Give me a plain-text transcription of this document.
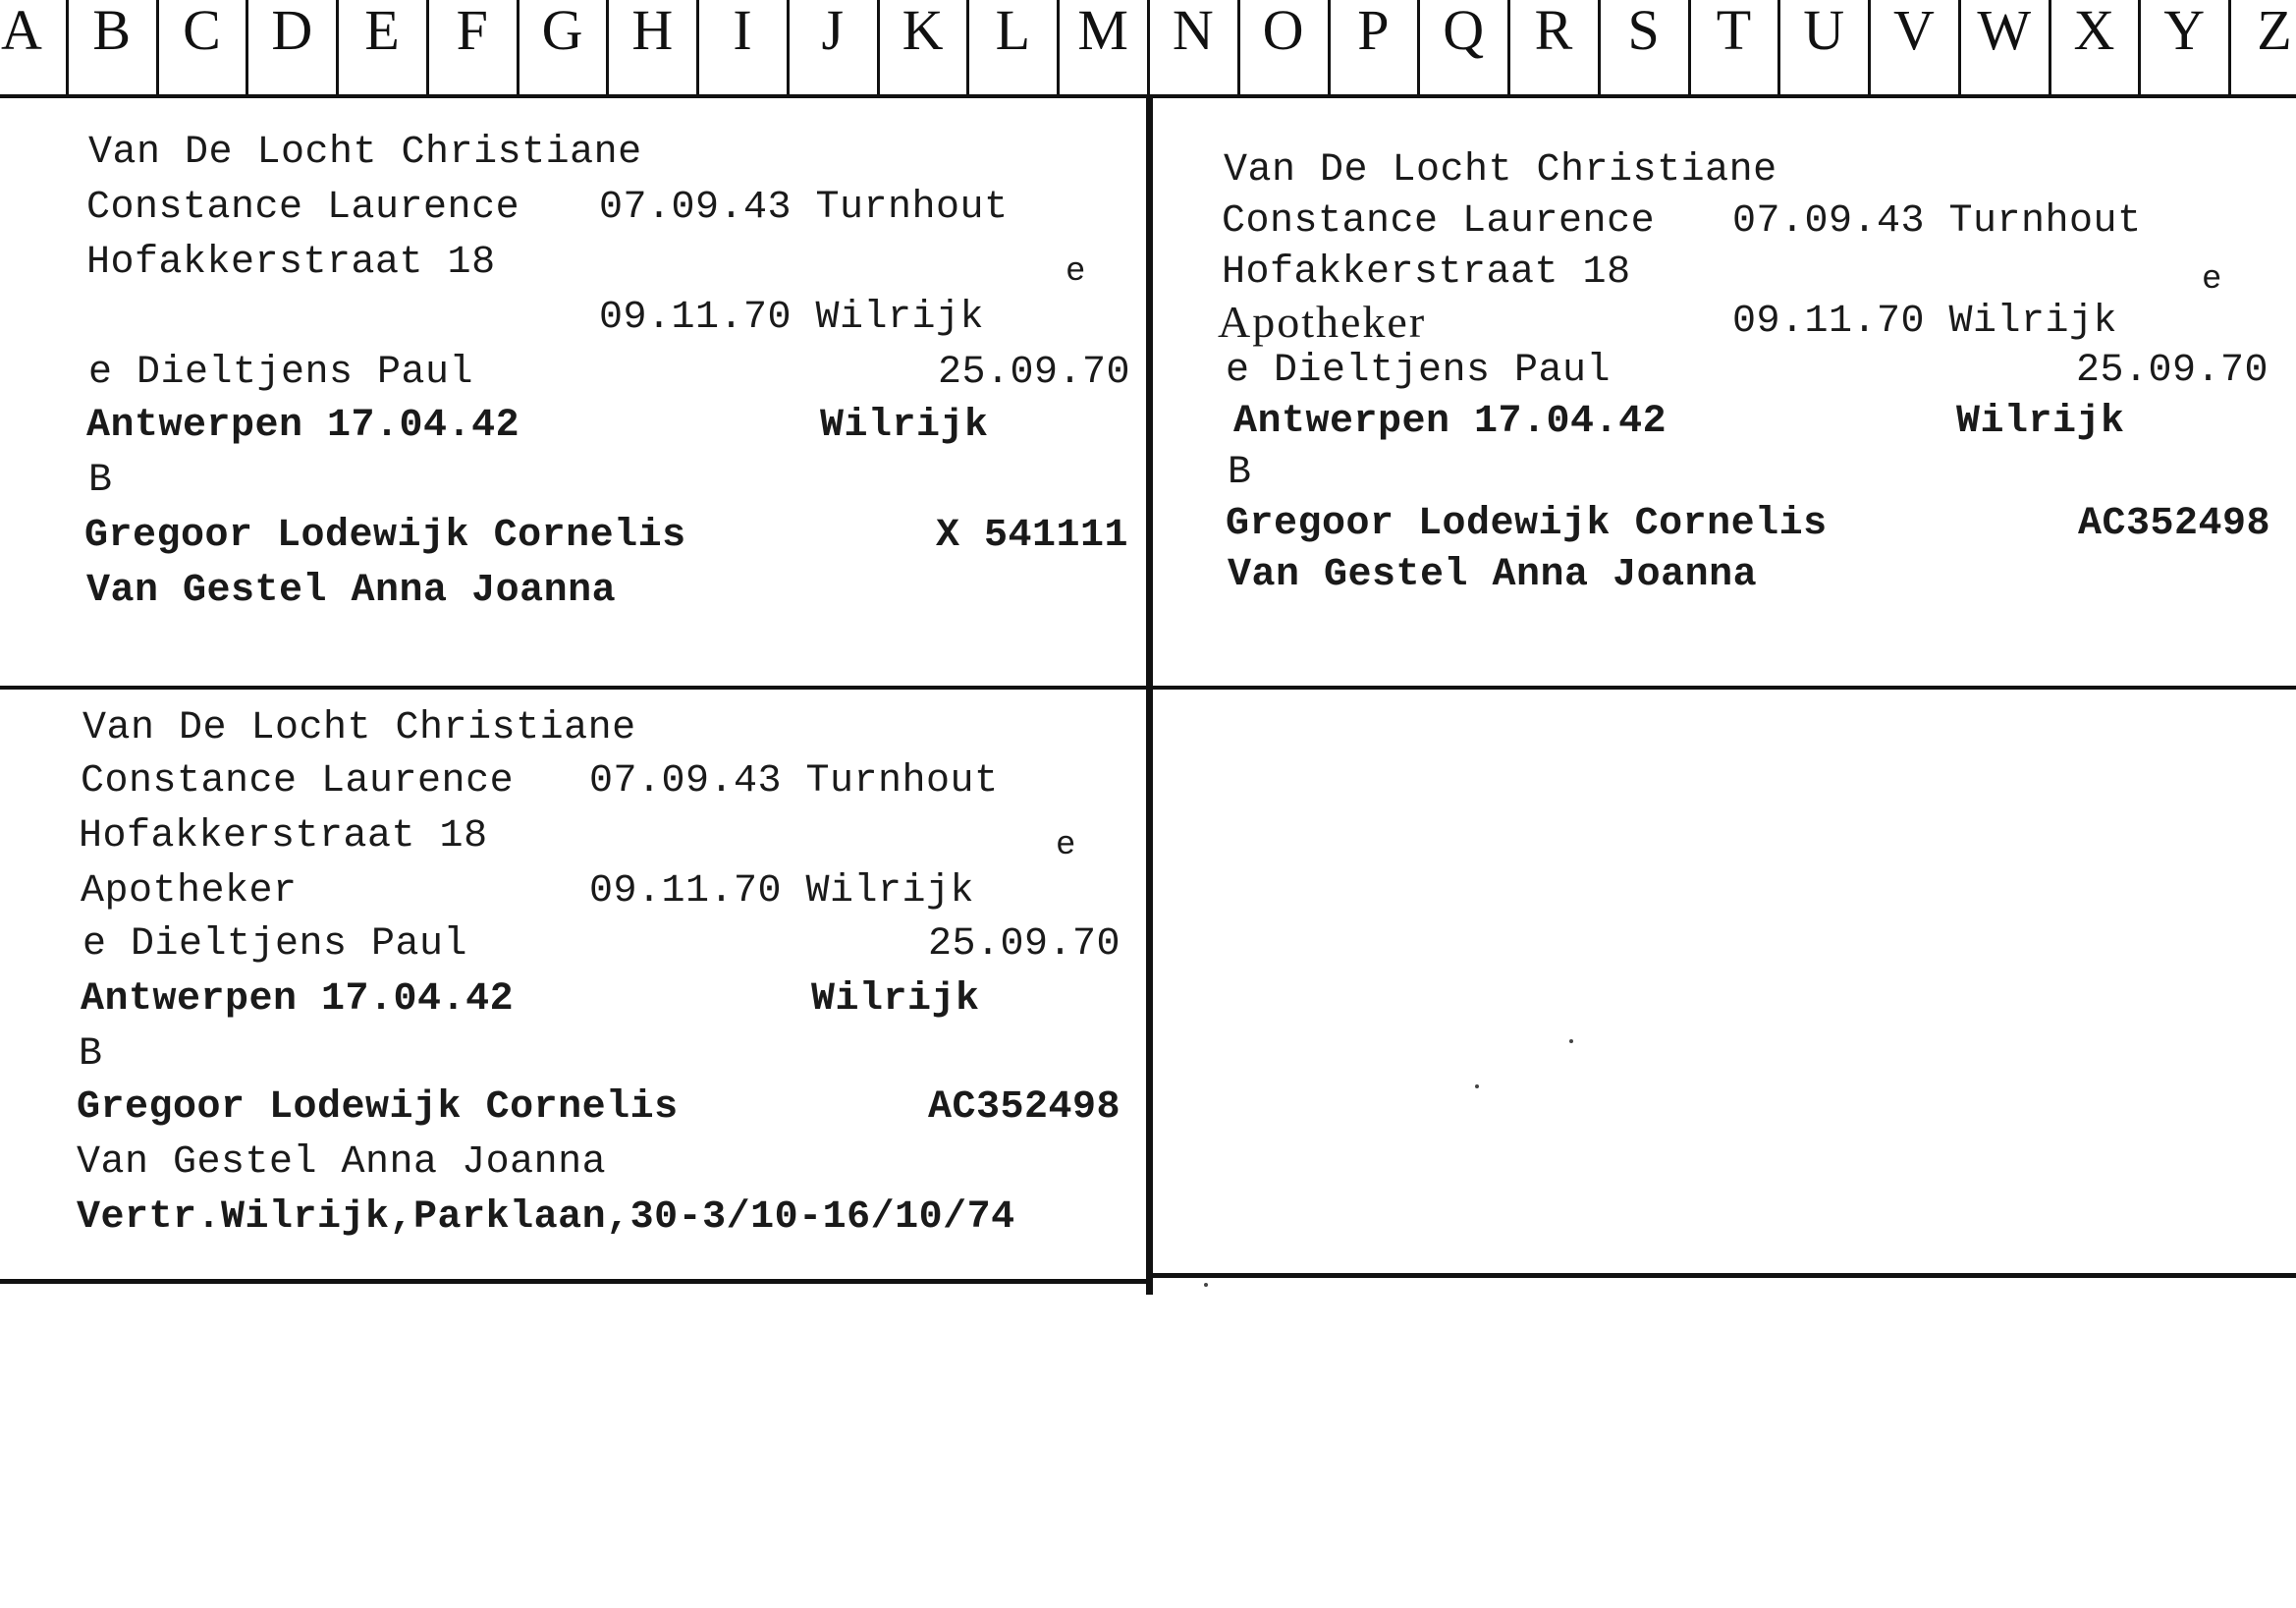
A B C D E F G H	I	J	K L M N O P Q R S T U V W X Y Z

Van De Locht Christiane

Constance Laurence

07.09.43 Turnhout

Hofakkerstraat 18

	e

09.11.70 Wilrijk

e Dieltjens Paul

	25.09.70

Antwerpen 17.04.42

	Wilrijk

B

Gregoor Lodewijk Cornelis

	X 541111

Van Gestel Anna Joanna

Van De Locht Christiane

Constance Laurence

07.09.43 Turnhout

Hofakkerstraat 18

	e

Apotheker

	09.11.70 Wilrijk

e Dieltjens Paul

	25.09.70

Antwerpen 17.04.42

	Wilrijk

B

Gregoor Lodewijk Cornelis

	AC352498

Van Gestel Anna Joanna

Van De Locht Christiane

Constance Laurence

07.09.43 Turnhout

Hofakkerstraat 18

	e

Apotheker

	09.11.70 Wilrijk

e Dieltjens Paul

	25.09.70

Antwerpen 17.04.42

	Wilrijk

B

Gregoor Lodewijk Cornelis

	AC352498

Van Gestel Anna Joanna

Vertr.Wilrijk,Parklaan,30-3/10-16/10/74
